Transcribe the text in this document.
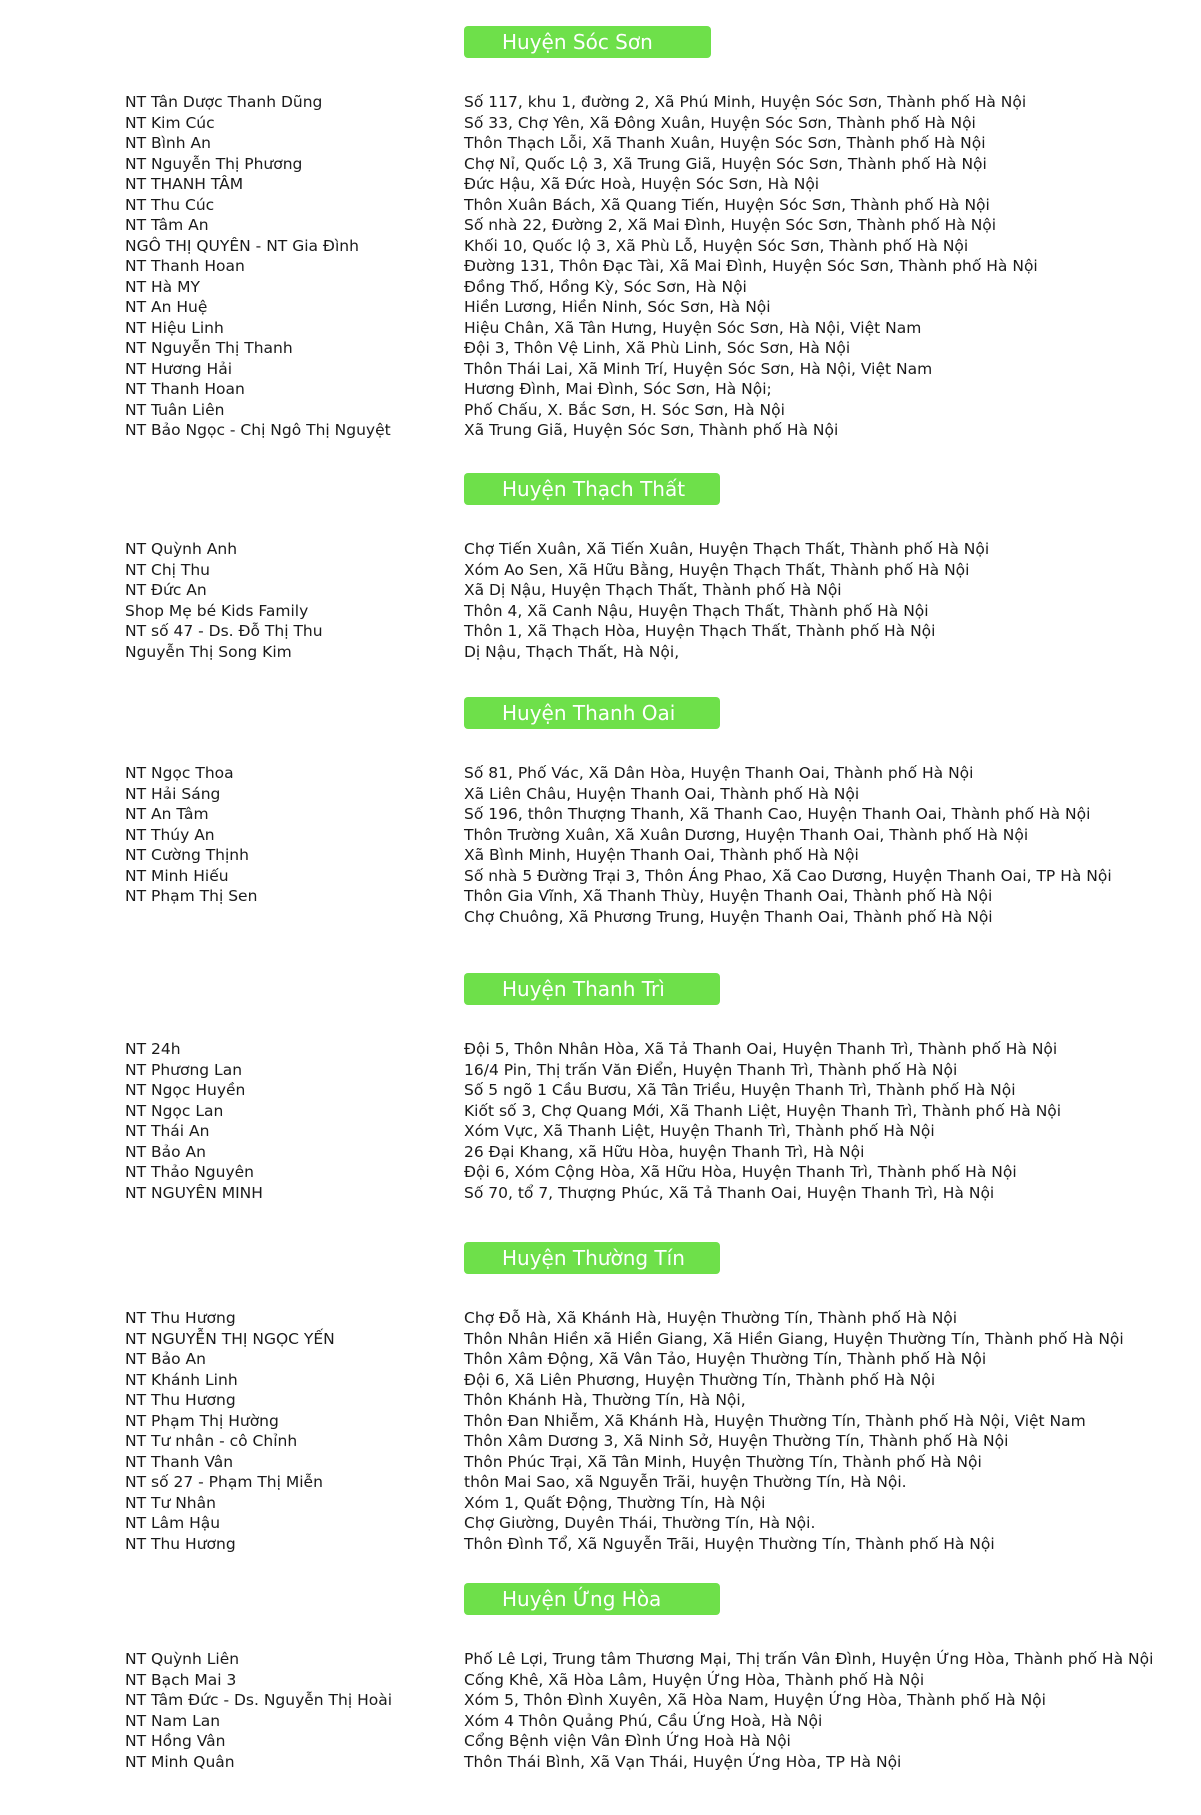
Huyện Sóc Sơn
NT Tân Dược Thanh Dũng	Số 117, khu 1, đường 2, Xã Phú Minh, Huyện Sóc Sơn, Thành phố Hà Nội
NT Kim Cúc	Số 33, Chợ Yên, Xã Đông Xuân, Huyện Sóc Sơn, Thành phố Hà Nội
NT Bình An	Thôn Thạch Lỗi, Xã Thanh Xuân, Huyện Sóc Sơn, Thành phố Hà Nội
NT Nguyễn Thị Phương	Chợ Nỉ, Quốc Lộ 3, Xã Trung Giã, Huyện Sóc Sơn, Thành phố Hà Nội
NT THANH TÂM	Đức Hậu, Xã Đức Hoà, Huyện Sóc Sơn, Hà Nội
NT Thu Cúc	Thôn Xuân Bách, Xã Quang Tiến, Huyện Sóc Sơn, Thành phố Hà Nội
NT Tâm An	Số nhà 22, Đường 2, Xã Mai Đình, Huyện Sóc Sơn, Thành phố Hà Nội
NGÔ THỊ QUYÊN - NT Gia Đình	Khối 10, Quốc lộ 3, Xã Phù Lỗ, Huyện Sóc Sơn, Thành phố Hà Nội
NT Thanh Hoan	Đường 131, Thôn Đạc Tài, Xã Mai Đình, Huyện Sóc Sơn, Thành phố Hà Nội
NT Hà MY	Đồng Thố, Hồng Kỳ, Sóc Sơn, Hà Nội
NT An Huệ	Hiền Lương, Hiền Ninh, Sóc Sơn, Hà Nội
NT Hiệu Linh	Hiệu Chân, Xã Tân Hưng, Huyện Sóc Sơn, Hà Nội, Việt Nam
NT Nguyễn Thị Thanh	Đội 3, Thôn Vệ Linh, Xã Phù Linh, Sóc Sơn, Hà Nội
NT Hương Hải	Thôn Thái Lai, Xã Minh Trí, Huyện Sóc Sơn, Hà Nội, Việt Nam
NT Thanh Hoan	Hương Đình, Mai Đình, Sóc Sơn, Hà Nội;
NT Tuân Liên	Phố Chấu, X. Bắc Sơn, H. Sóc Sơn, Hà Nội
NT Bảo Ngọc - Chị Ngô Thị Nguyệt	Xã Trung Giã, Huyện Sóc Sơn, Thành phố Hà Nội
Huyện Thạch Thất
NT Quỳnh Anh	Chợ Tiến Xuân, Xã Tiến Xuân, Huyện Thạch Thất, Thành phố Hà Nội
NT Chị Thu	Xóm Ao Sen, Xã Hữu Bằng, Huyện Thạch Thất, Thành phố Hà Nội
NT Đức An	Xã Dị Nậu, Huyện Thạch Thất, Thành phố Hà Nội
Shop Mẹ bé Kids Family	Thôn 4, Xã Canh Nậu, Huyện Thạch Thất, Thành phố Hà Nội
NT số 47 - Ds. Đỗ Thị Thu	Thôn 1, Xã Thạch Hòa, Huyện Thạch Thất, Thành phố Hà Nội
Nguyễn Thị Song Kim	Dị Nậu, Thạch Thất, Hà Nội,
Huyện Thanh Oai
NT Ngọc Thoa	Số 81, Phố Vác, Xã Dân Hòa, Huyện Thanh Oai, Thành phố Hà Nội
NT Hải Sáng	Xã Liên Châu, Huyện Thanh Oai, Thành phố Hà Nội
NT An Tâm	Số 196, thôn Thượng Thanh, Xã Thanh Cao, Huyện Thanh Oai, Thành phố Hà Nội
NT Thúy An	Thôn Trường Xuân, Xã Xuân Dương, Huyện Thanh Oai, Thành phố Hà Nội
NT Cường Thịnh	Xã Bình Minh, Huyện Thanh Oai, Thành phố Hà Nội
NT Minh Hiếu	Số nhà 5 Đường Trại 3, Thôn Áng Phao, Xã Cao Dương, Huyện Thanh Oai, TP Hà Nội
NT Phạm Thị Sen	Thôn Gia Vĩnh, Xã Thanh Thùy, Huyện Thanh Oai, Thành phố Hà Nội
Chợ Chuông, Xã Phương Trung, Huyện Thanh Oai, Thành phố Hà Nội
Huyện Thanh Trì
NT 24h	Đội 5, Thôn Nhân Hòa, Xã Tả Thanh Oai, Huyện Thanh Trì, Thành phố Hà Nội
NT Phương Lan	16/4 Pin, Thị trấn Văn Điển, Huyện Thanh Trì, Thành phố Hà Nội
NT Ngọc Huyền	Số 5 ngõ 1 Cầu Bươu, Xã Tân Triều, Huyện Thanh Trì, Thành phố Hà Nội
NT Ngọc Lan	Kiốt số 3, Chợ Quang Mới, Xã Thanh Liệt, Huyện Thanh Trì, Thành phố Hà Nội
NT Thái An	Xóm Vực, Xã Thanh Liệt, Huyện Thanh Trì, Thành phố Hà Nội
NT Bảo An	26 Đại Khang, xã Hữu Hòa, huyện Thanh Trì, Hà Nội
NT Thảo Nguyên	Đội 6, Xóm Cộng Hòa, Xã Hữu Hòa, Huyện Thanh Trì, Thành phố Hà Nội
NT NGUYÊN MINH	Số 70, tổ 7, Thượng Phúc, Xã Tả Thanh Oai, Huyện Thanh Trì, Hà Nội
Huyện Thường Tín
NT Thu Hương	Chợ Đỗ Hà, Xã Khánh Hà, Huyện Thường Tín, Thành phố Hà Nội
NT NGUYỄN THỊ NGỌC YẾN	Thôn Nhân Hiền xã Hiền Giang, Xã Hiền Giang, Huyện Thường Tín, Thành phố Hà Nội
NT Bảo An	Thôn Xâm Động, Xã Vân Tảo, Huyện Thường Tín, Thành phố Hà Nội
NT Khánh Linh	Đội 6, Xã Liên Phương, Huyện Thường Tín, Thành phố Hà Nội
NT Thu Hương	Thôn Khánh Hà, Thường Tín, Hà Nội,
NT Phạm Thị Hường	Thôn Đan Nhiễm, Xã Khánh Hà, Huyện Thường Tín, Thành phố Hà Nội, Việt Nam
NT Tư nhân - cô Chỉnh	Thôn Xâm Dương 3, Xã Ninh Sở, Huyện Thường Tín, Thành phố Hà Nội
NT Thanh Vân	Thôn Phúc Trại, Xã Tân Minh, Huyện Thường Tín, Thành phố Hà Nội
NT số 27 - Phạm Thị Miễn	thôn Mai Sao, xã Nguyễn Trãi, huyện Thường Tín, Hà Nội.
NT Tư Nhân	Xóm 1, Quất Động, Thường Tín, Hà Nội
NT Lâm Hậu	Chợ Giường, Duyên Thái, Thường Tín, Hà Nội.
NT Thu Hương	Thôn Đình Tổ, Xã Nguyễn Trãi, Huyện Thường Tín, Thành phố Hà Nội
Huyện Ứng Hòa
NT Quỳnh Liên	Phố Lê Lợi, Trung tâm Thương Mại, Thị trấn Vân Đình, Huyện Ứng Hòa, Thành phố Hà Nội
NT Bạch Mai 3	Cống Khê, Xã Hòa Lâm, Huyện Ứng Hòa, Thành phố Hà Nội
NT Tâm Đức - Ds. Nguyễn Thị Hoài	Xóm 5, Thôn Đình Xuyên, Xã Hòa Nam, Huyện Ứng Hòa, Thành phố Hà Nội
NT Nam Lan	Xóm 4 Thôn Quảng Phú, Cầu Ứng Hoà, Hà Nội
NT Hồng Vân	Cổng Bệnh viện Vân Đình Ứng Hoà Hà Nội
NT Minh Quân	Thôn Thái Bình, Xã Vạn Thái, Huyện Ứng Hòa, TP Hà Nội
